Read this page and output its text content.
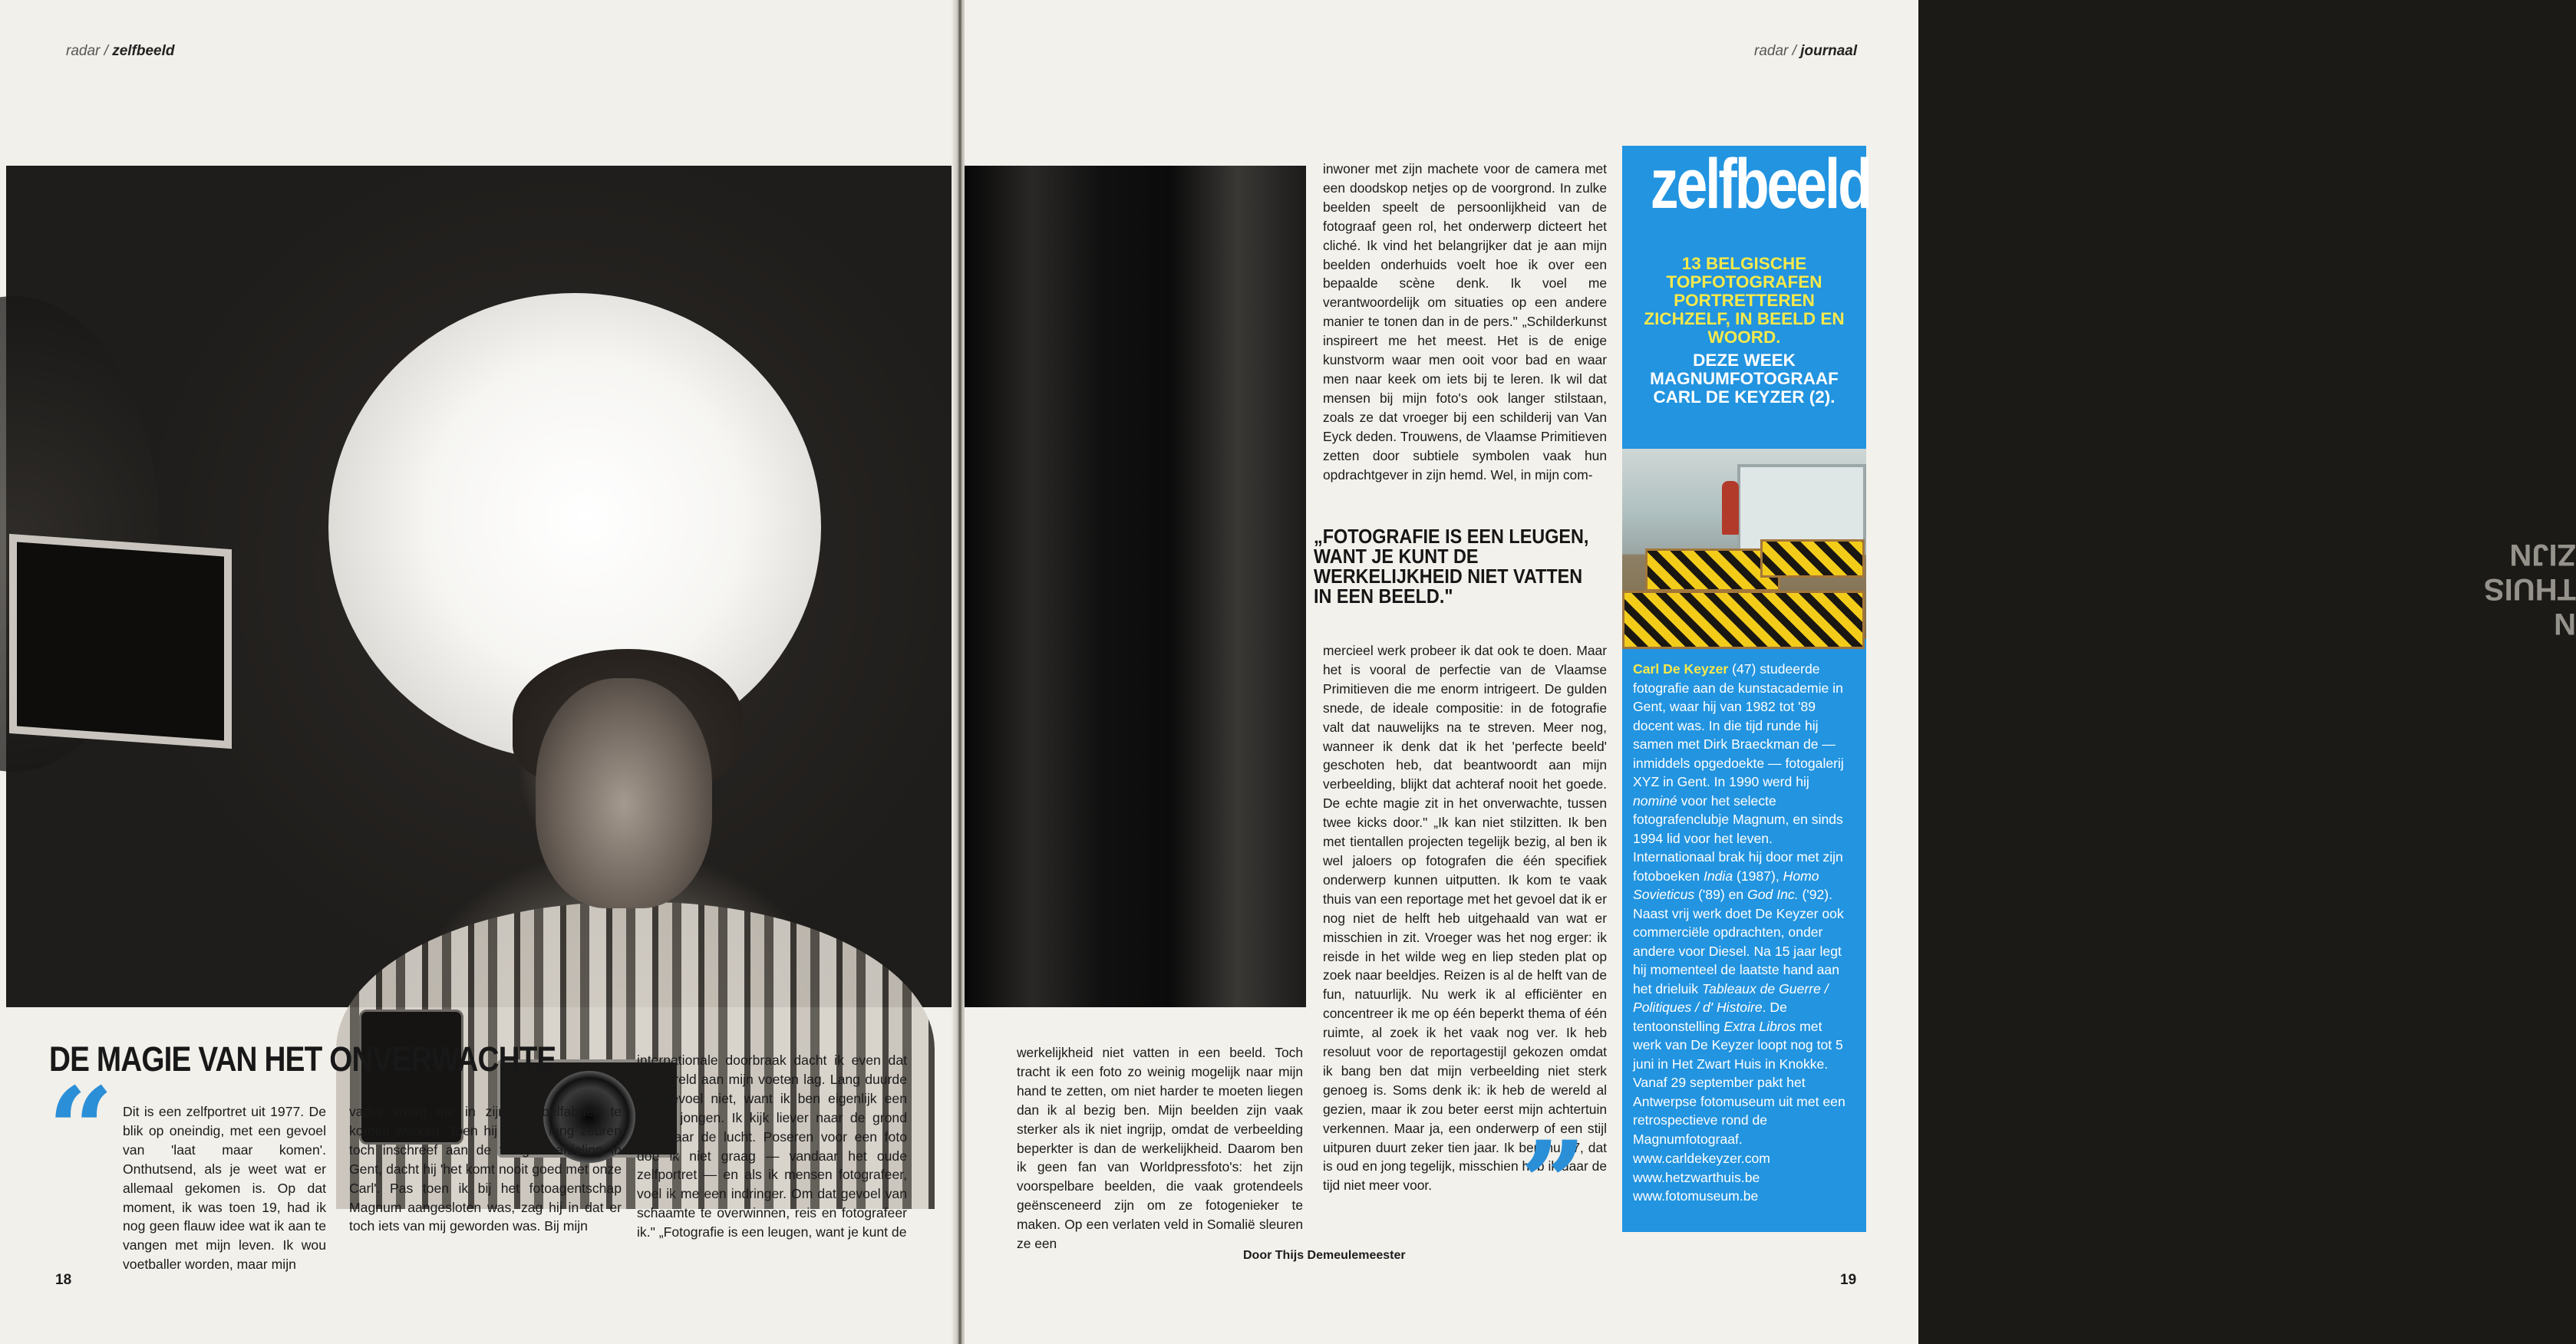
radar / zelfbeeld
DE MAGIE VAN HET ONVERWACHTE
“ Dit is een zelfportret uit 1977. De blik op oneindig, met een gevoel van 'laat maar komen'. Onthutsend, als je weet wat er allemaal gekomen is. Op dat moment, ik was toen 19, had ik nog geen flauw idee wat ik aan te vangen met mijn leven. Ik wou voetballer worden, maar mijn

vader vroeg me in zijn meubelfabriek te komen werken. Toen hij me na lang zeuren toch inschreef aan de fotografieafdeling in Gent, dacht hij 'het komt nooit goed met onze Carl'. Pas toen ik bij het fotoagentschap Magnum aangesloten was, zag hij in dat er toch iets van mij geworden was. Bij mijn

internationale doorbraak dacht ik even dat de wereld aan mijn voeten lag. Lang duurde dat gevoel niet, want ik ben eigenlijk een timide jongen. Ik kijk liever naar de grond dan naar de lucht. Poseren voor een foto doe ik niet graag — vandaar het oude zelfportret — en als ik mensen fotografeer, voel ik me een indringer. Om dat gevoel van schaamte te overwinnen, reis en fotografeer ik." „Fotografie is een leugen, want je kunt de

18
radar / journaal

inwoner met zijn machete voor de camera met een doodskop netjes op de voorgrond. In zulke beelden speelt de persoonlijkheid van de fotograaf geen rol, het onderwerp dicteert het cliché. Ik vind het belangrijker dat je aan mijn beelden onderhuids voelt hoe ik over een bepaalde scène denk. Ik voel me verantwoordelijk om situaties op een andere manier te tonen dan in de pers." „Schilderkunst inspireert me het meest. Het is de enige kunstvorm waar men ooit voor bad en waar men naar keek om iets bij te leren. Ik wil dat mensen bij mijn foto's ook langer stilstaan, zoals ze dat vroeger bij een schilderij van Van Eyck deden. Trouwens, de Vlaamse Primitieven zetten door subtiele symbolen vaak hun opdrachtgever in zijn hemd. Wel, in mijn com-

N THUIS ZIJN
„FOTOGRAFIE IS EEN LEUGEN, WANT JE KUNT DE WERKELIJKHEID NIET VATTEN IN EEN BEELD."

mercieel werk probeer ik dat ook te doen. Maar het is vooral de perfectie van de Vlaamse Primitieven die me enorm intrigeert. De gulden snede, de ideale compositie: in de fotografie valt dat nauwelijks na te streven. Meer nog, wanneer ik denk dat ik het 'perfecte beeld' geschoten heb, dat beantwoordt aan mijn verbeelding, blijkt dat achteraf nooit het goede. De echte magie zit in het onverwachte, tussen twee kicks door." „Ik kan niet stilzitten. Ik ben met tientallen projecten tegelijk bezig, al ben ik wel jaloers op fotografen die één specifiek onderwerp kunnen uitputten. Ik kom te vaak thuis van een reportage met het gevoel dat ik er nog niet de helft heb uitgehaald van wat er misschien in zit. Vroeger was het nog erger: ik reisde in het wilde weg en liep steden plat op zoek naar beeldjes. Reizen is al de helft van de fun, natuurlijk. Nu werk ik al efficiënter en concentreer ik me op één beperkt thema of één ruimte, al zoek ik het vaak nog ver. Ik heb resoluut voor de reportagestijl gekozen omdat ik bang ben dat mijn verbeelding niet sterk genoeg is. Soms denk ik: ik heb de wereld al gezien, maar ik zou beter eerst mijn achtertuin verkennen. Maar ja, een onderwerp of een stijl uitpuren duurt zeker tien jaar. Ik ben nu 47, dat is oud en jong tegelijk, misschien heb ik daar de tijd niet meer voor.

werkelijkheid niet vatten in een beeld. Toch tracht ik een foto zo weinig mogelijk naar mijn hand te zetten, om niet harder te moeten liegen dan ik al bezig ben. Mijn beelden zijn vaak sterker als ik niet ingrijp, omdat de verbeelding beperkter is dan de werkelijkheid. Daarom ben ik geen fan van Worldpressfoto's: het zijn voorspelbare beelden, die vaak grotendeels geënsceneerd zijn om ze fotogenieker te maken. Op een verlaten veld in Somalië sleuren ze een

Door Thijs Demeulemeester
19
”
zelfbeeld
13 BELGISCHE TOPFOTOGRAFEN PORTRETTEREN ZICHZELF, IN BEELD EN WOORD.
DEZE WEEK MAGNUMFOTOGRAAF CARL DE KEYZER (2).
Carl De Keyzer (47) studeerde fotografie aan de kunstacademie in Gent, waar hij van 1982 tot '89 docent was. In die tijd runde hij samen met Dirk Braeckman de — inmiddels opgedoekte — fotogalerij XYZ in Gent. In 1990 werd hij nominé voor het selecte fotografenclubje Magnum, en sinds 1994 lid voor het leven. Internationaal brak hij door met zijn fotoboeken India (1987), Homo Sovieticus ('89) en God Inc. ('92). Naast vrij werk doet De Keyzer ook commerciële opdrachten, onder andere voor Diesel. Na 15 jaar legt hij momenteel de laatste hand aan het drieluik Tableaux de Guerre / Politiques / d' Histoire. De tentoonstelling Extra Libros met werk van De Keyzer loopt nog tot 5 juni in Het Zwart Huis in Knokke. Vanaf 29 september pakt het Antwerpse fotomuseum uit met een retrospectieve rond de Magnumfotograaf.
www.carldekeyzer.com
www.hetzwarthuis.be
www.fotomuseum.be
